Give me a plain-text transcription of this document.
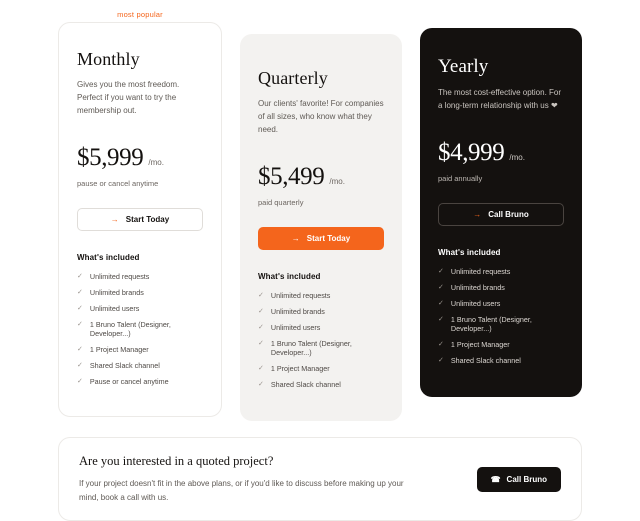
most popular
Monthly
Gives you the most freedom. Perfect if you want to try the membership out.
$5,999 /mo.
pause or cancel anytime
→ Start Today
What's included
✓ Unlimited requests
✓ Unlimited brands
✓ Unlimited users
✓ 1 Bruno Talent (Designer, Developer...)
✓ 1 Project Manager
✓ Shared Slack channel
✓ Pause or cancel anytime
Quarterly
Our clients' favorite! For companies of all sizes, who know what they need.
$5,499 /mo.
paid quarterly
→ Start Today
What's included
✓ Unlimited requests
✓ Unlimited brands
✓ Unlimited users
✓ 1 Bruno Talent (Designer, Developer...)
✓ 1 Project Manager
✓ Shared Slack channel
Yearly
The most cost-effective option. For a long-term relationship with us ❤
$4,999 /mo.
paid annually
→ Call Bruno
What's included
✓ Unlimited requests
✓ Unlimited brands
✓ Unlimited users
✓ 1 Bruno Talent (Designer, Developer...)
✓ 1 Project Manager
✓ Shared Slack channel
Are you interested in a quoted project?
If your project doesn't fit in the above plans, or if you'd like to discuss before making up your mind, book a call with us.
☎ Call Bruno
